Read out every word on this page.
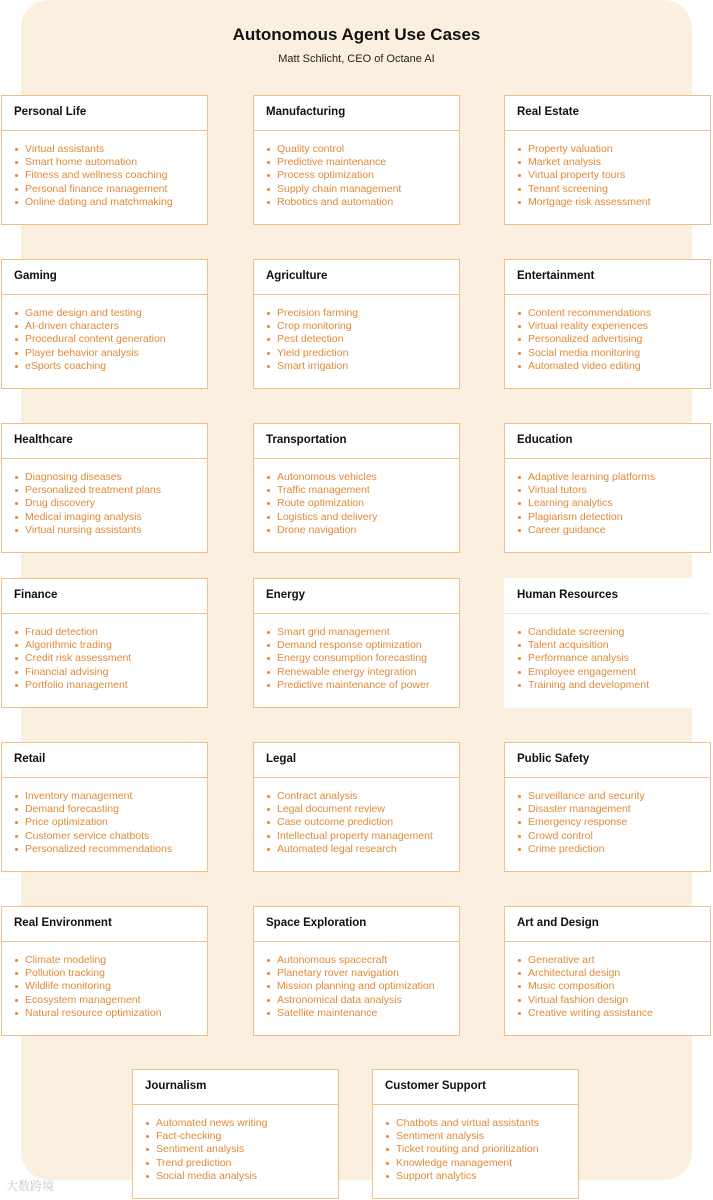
Autonomous Agent Use Cases
Matt Schlicht, CEO of Octane AI
Personal Life
Virtual assistants
Smart home automation
Fitness and wellness coaching
Personal finance management
Online dating and matchmaking
Manufacturing
Quality control
Predictive maintenance
Process optimization
Supply chain management
Robotics and automation
Real Estate
Property valuation
Market analysis
Virtual property tours
Tenant screening
Mortgage risk assessment
Gaming
Game design and testing
AI-driven characters
Procedural content generation
Player behavior analysis
eSports coaching
Agriculture
Precision farming
Crop monitoring
Pest detection
Yield prediction
Smart irrigation
Entertainment
Content recommendations
Virtual reality experiences
Personalized advertising
Social media monitoring
Automated video editing
Healthcare
Diagnosing diseases
Personalized treatment plans
Drug discovery
Medical imaging analysis
Virtual nursing assistants
Transportation
Autonomous vehicles
Traffic management
Route optimization
Logistics and delivery
Drone navigation
Education
Adaptive learning platforms
Virtual tutors
Learning analytics
Plagiarism detection
Career guidance
Finance
Fraud detection
Algorithmic trading
Credit risk assessment
Financial advising
Portfolio management
Energy
Smart grid management
Demand response optimization
Energy consumption forecasting
Renewable energy integration
Predictive maintenance of power
Human Resources
Candidate screening
Talent acquisition
Performance analysis
Employee engagement
Training and development
Retail
Inventory management
Demand forecasting
Price optimization
Customer service chatbots
Personalized recommendations
Legal
Contract analysis
Legal document review
Case outcome prediction
Intellectual property management
Automated legal research
Public Safety
Surveillance and security
Disaster management
Emergency response
Crowd control
Crime prediction
Real Environment
Climate modeling
Pollution tracking
Wildlife monitoring
Ecosystem management
Natural resource optimization
Space Exploration
Autonomous spacecraft
Planetary rover navigation
Mission planning and optimization
Astronomical data analysis
Satellite maintenance
Art and Design
Generative art
Architectural design
Music composition
Virtual fashion design
Creative writing assistance
Journalism
Automated news writing
Fact-checking
Sentiment analysis
Trend prediction
Social media analysis
Customer Support
Chatbots and virtual assistants
Sentiment analysis
Ticket routing and prioritization
Knowledge management
Support analytics
大数跨境
